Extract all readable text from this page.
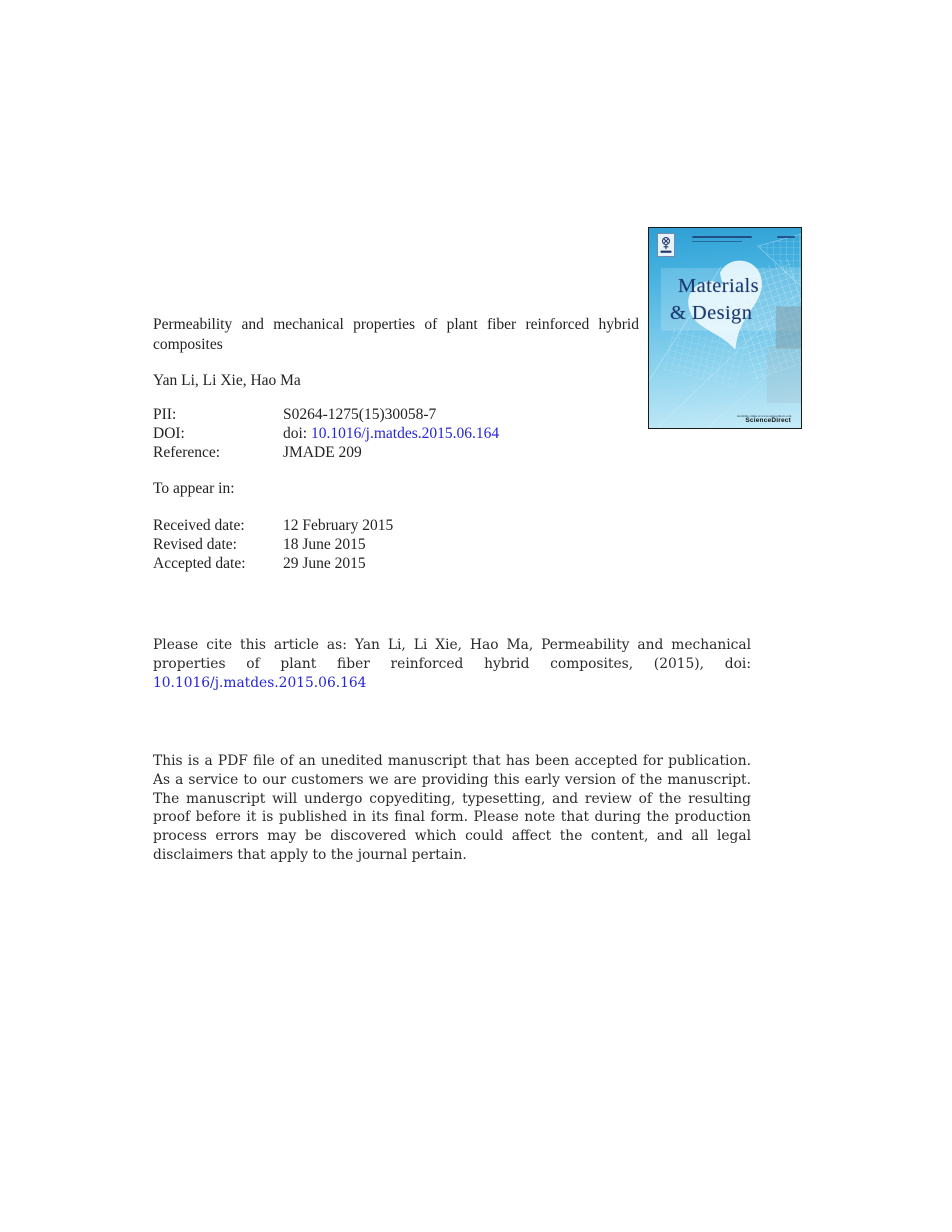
Materials
& Design
Available online at www.sciencedirect.com
ScienceDirect
Permeability and mechanical properties of plant fiber reinforced hybrid composites
Yan Li, Li Xie, Hao Ma
PII:	S0264-1275(15)30058-7
DOI:	doi: 10.1016/j.matdes.2015.06.164
Reference:	JMADE 209
To appear in:
Received date:	12 February 2015
Revised date:	18 June 2015
Accepted date:	29 June 2015
Please cite this article as: Yan Li, Li Xie, Hao Ma, Permeability and mechanical properties of plant fiber reinforced hybrid composites, (2015), doi: 10.1016/j.matdes.2015.06.164
This is a PDF file of an unedited manuscript that has been accepted for publication. As a service to our customers we are providing this early version of the manuscript. The manuscript will undergo copyediting, typesetting, and review of the resulting proof before it is published in its final form. Please note that during the production process errors may be discovered which could affect the content, and all legal disclaimers that apply to the journal pertain.
